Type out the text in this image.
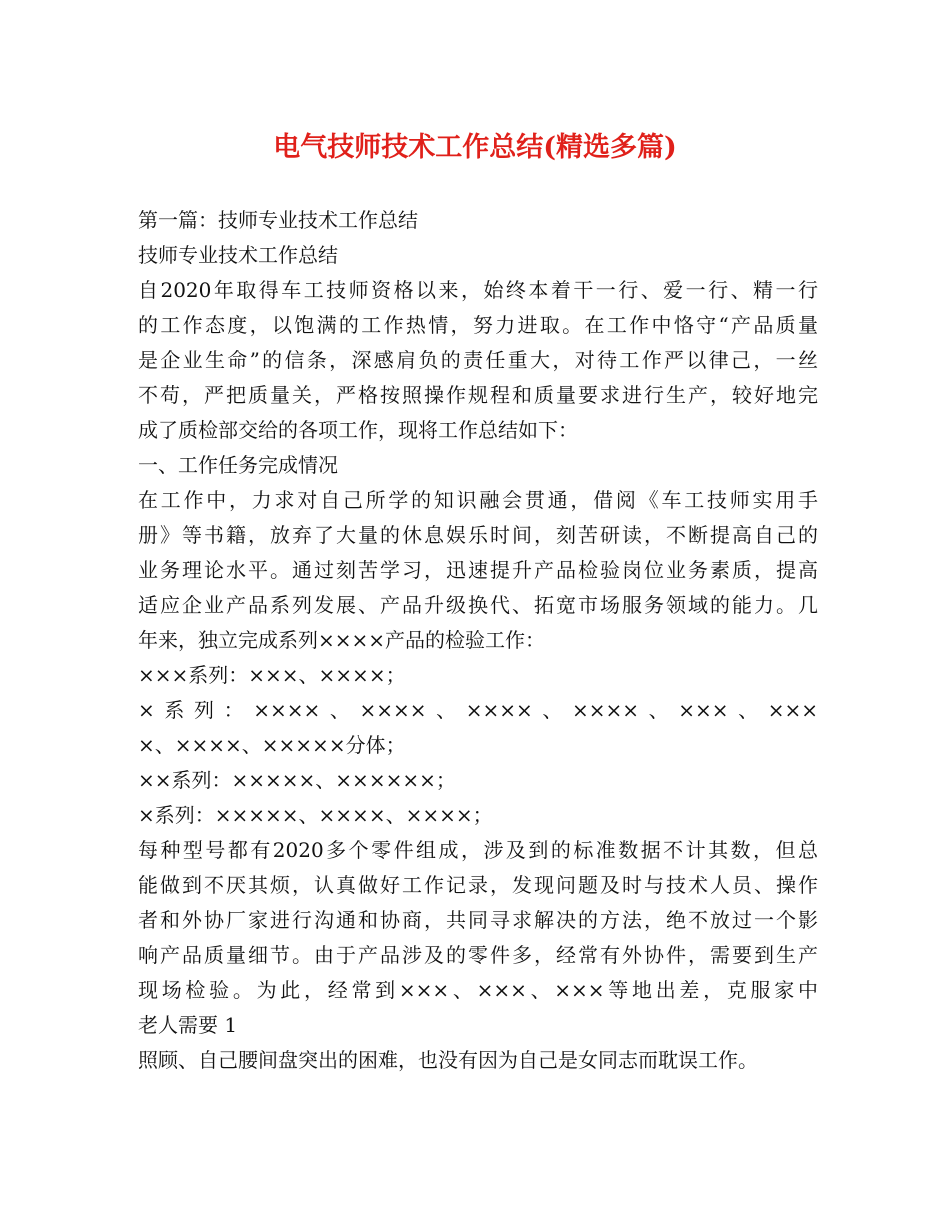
电气技师技术工作总结(精选多篇)
第一篇：技师专业技术工作总结
技师专业技术工作总结
自2020年取得车工技师资格以来，始终本着干一行、爱一行、精一行
的工作态度，以饱满的工作热情，努力进取。在工作中恪守“产品质量
是企业生命”的信条，深感肩负的责任重大，对待工作严以律己，一丝
不苟，严把质量关，严格按照操作规程和质量要求进行生产，较好地完
成了质检部交给的各项工作，现将工作总结如下：
一、工作任务完成情况
在工作中，力求对自己所学的知识融会贯通，借阅《车工技师实用手
册》等书籍，放弃了大量的休息娱乐时间，刻苦研读，不断提高自己的
业务理论水平。通过刻苦学习，迅速提升产品检验岗位业务素质，提高
适应企业产品系列发展、产品升级换代、拓宽市场服务领域的能力。几
年来，独立完成系列××××产品的检验工作：
×××系列：×××、××××；
×系列：××××、××××、××××、××××、×××、×××
×、××××、×××××分体；
××系列：×××××、××××××；
×系列：×××××、××××、××××；
每种型号都有2020多个零件组成，涉及到的标准数据不计其数，但总
能做到不厌其烦，认真做好工作记录，发现问题及时与技术人员、操作
者和外协厂家进行沟通和协商，共同寻求解决的方法，绝不放过一个影
响产品质量细节。由于产品涉及的零件多，经常有外协件，需要到生产
现场检验。为此，经常到×××、×××、×××等地出差，克服家中
老人需要 1
照顾、自己腰间盘突出的困难，也没有因为自己是女同志而耽误工作。
